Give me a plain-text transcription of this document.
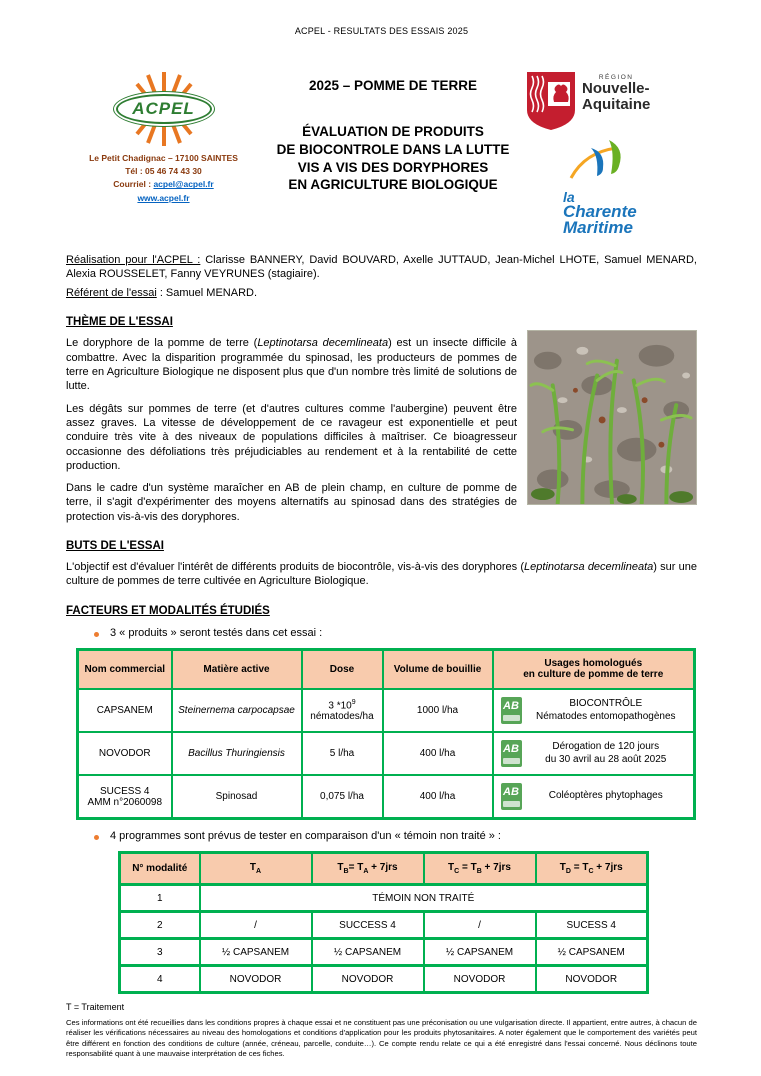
ACPEL - RESULTATS DES ESSAIS 2025
ACPEL
Le Petit Chadignac – 17100 SAINTES
Tél : 05 46 74 43 30
Courriel : acpel@acpel.fr
www.acpel.fr
2025 – POMME DE TERRE
ÉVALUATION DE PRODUITS
DE BIOCONTROLE DANS LA LUTTE
VIS A VIS DES DORYPHORES
EN AGRICULTURE BIOLOGIQUE
RÉGION
Nouvelle-
Aquitaine
la
Charente
Maritime
Réalisation pour l'ACPEL : Clarisse BANNERY, David BOUVARD, Axelle JUTTAUD, Jean-Michel LHOTE, Samuel MENARD, Alexia ROUSSELET, Fanny VEYRUNES (stagiaire).
Référent de l'essai : Samuel MENARD.
THÈME DE L'ESSAI
Le doryphore de la pomme de terre (Leptinotarsa decemlineata) est un insecte difficile à combattre. Avec la disparition programmée du spinosad, les producteurs de pommes de terre en Agriculture Biologique ne disposent plus que d'un nombre très limité de solutions de lutte.
Les dégâts sur pommes de terre (et d'autres cultures comme l'aubergine) peuvent être assez graves. La vitesse de développement de ce ravageur est exponentielle et peut conduire très vite à des niveaux de populations difficiles à maîtriser. Ce bioagresseur occasionne des défoliations très préjudiciables au rendement et à la rentabilité de cette production.
Dans le cadre d'un système maraîcher en AB de plein champ, en culture de pomme de terre, il s'agit d'expérimenter des moyens alternatifs au spinosad dans des stratégies de protection vis-à-vis des doryphores.
BUTS DE L'ESSAI
L'objectif est d'évaluer l'intérêt de différents produits de biocontrôle, vis-à-vis des doryphores (Leptinotarsa decemlineata) sur une culture de pommes de terre cultivée en Agriculture Biologique.
FACTEURS ET MODALITÉS ÉTUDIÉS
3 « produits » seront testés dans cet essai :
Nom commercial	Matière active	Dose	Volume de bouillie	Usages homologués
en culture de pomme de terre

CAPSANEM	Steinernema carpocapsae	3 $*10^9$
nématodes/ha	1000 l/ha	AB BIOCONTRÔLE
Nématodes entomopathogènes

NOVODOR	Bacillus Thuringiensis	5 l/ha	400 l/ha	AB Dérogation de 120 jours
du 30 avril au 28 août 2025

SUCESS 4
AMM n°2060098	Spinosad	0,075 l/ha	400 l/ha	AB Coléoptères phytophages
4 programmes sont prévus de tester en comparaison d'un « témoin non traité » :
N° modalité	$T_A$	$T_B= T_A + 7jrs$	$T_C = T_B + 7jrs$	$T_D = T_C + 7jrs$
1	TÉMOIN NON TRAITÉ			
2	/	SUCCESS 4	/	SUCESS 4
3	½ CAPSANEM	½ CAPSANEM	½ CAPSANEM	½ CAPSANEM
4	NOVODOR	NOVODOR	NOVODOR	NOVODOR
T = Traitement
Ces informations ont été recueillies dans les conditions propres à chaque essai et ne constituent pas une préconisation ou une vulgarisation directe. Il appartient, entre autres, à chacun de réaliser les vérifications nécessaires au niveau des homologations et conditions d'application pour les produits phytosanitaires. A noter également que le comportement des variétés peut être différent en fonction des conditions de culture (année, créneau, parcelle, conduite…). Ce compte rendu relate ce qui a été enregistré dans l'essai concerné. Nous déclinons toute responsabilité quant à une mauvaise interprétation de ces fiches.
